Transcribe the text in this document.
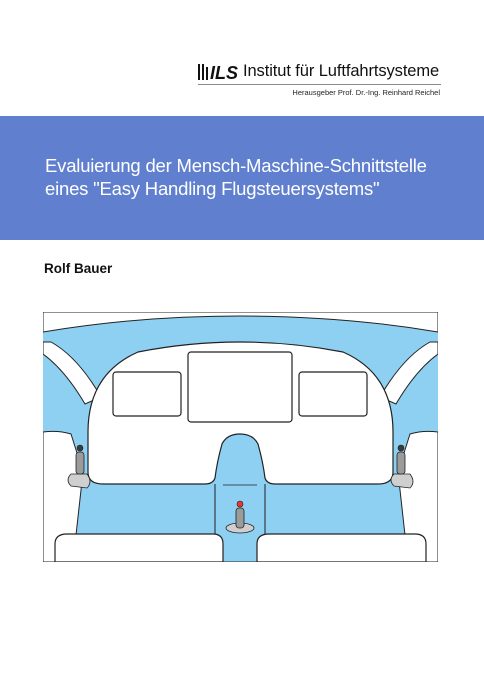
ILS Institut für Luftfahrtsysteme
Herausgeber Prof. Dr.-Ing. Reinhard Reichel
Evaluierung der Mensch-Maschine-Schnittstelle
eines "Easy Handling Flugsteuersystems"
Rolf Bauer
